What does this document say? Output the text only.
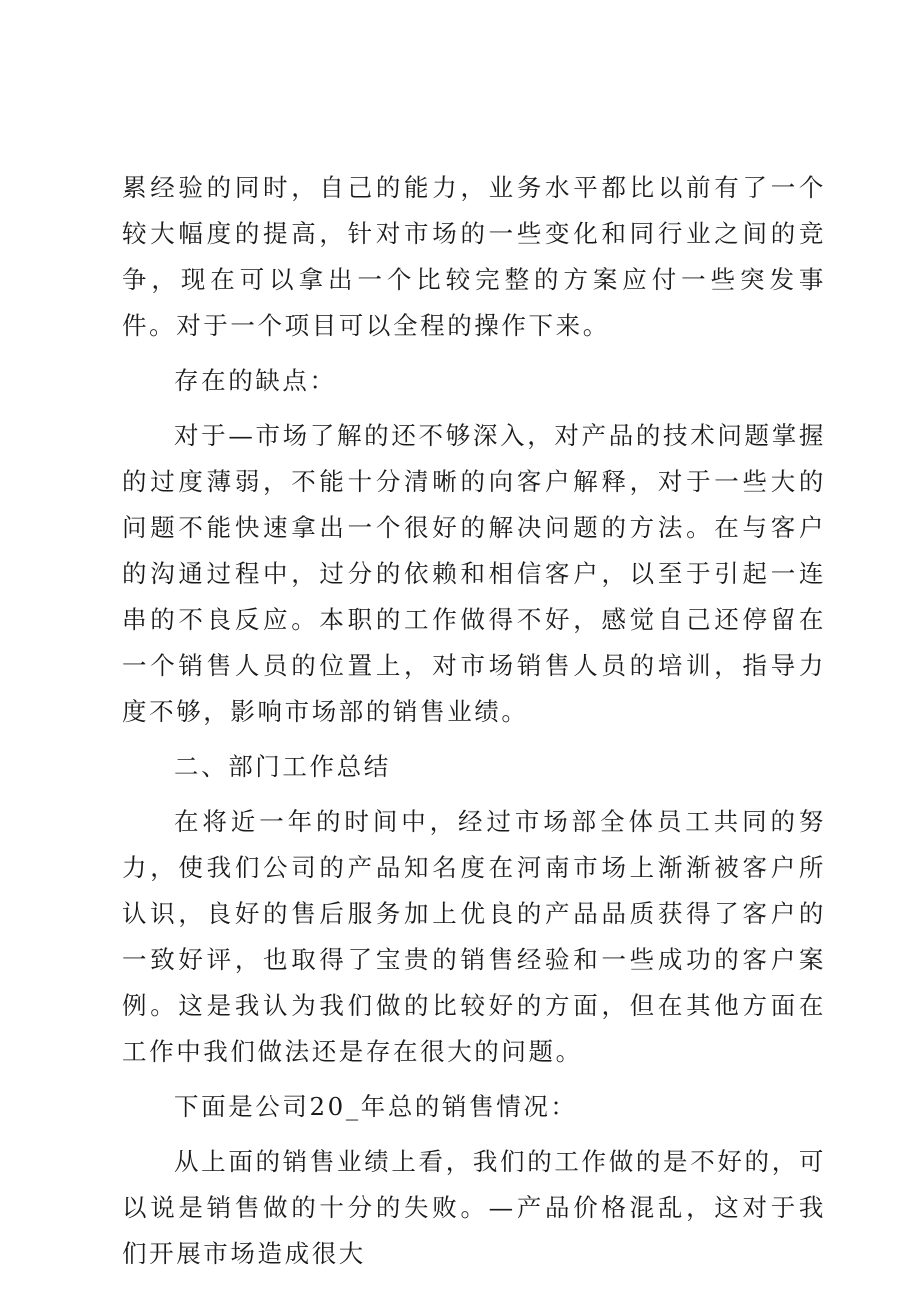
累经验的同时，自己的能力，业务水平都比以前有了一个较大幅度的提高，针对市场的一些变化和同行业之间的竞争，现在可以拿出一个比较完整的方案应付一些突发事件。对于一个项目可以全程的操作下来。

存在的缺点：

对于—市场了解的还不够深入，对产品的技术问题掌握的过度薄弱，不能十分清晰的向客户解释，对于一些大的问题不能快速拿出一个很好的解决问题的方法。在与客户的沟通过程中，过分的依赖和相信客户，以至于引起一连串的不良反应。本职的工作做得不好，感觉自己还停留在一个销售人员的位置上，对市场销售人员的培训，指导力度不够，影响市场部的销售业绩。

二、部门工作总结

在将近一年的时间中，经过市场部全体员工共同的努力，使我们公司的产品知名度在河南市场上渐渐被客户所认识，良好的售后服务加上优良的产品品质获得了客户的一致好评，也取得了宝贵的销售经验和一些成功的客户案例。这是我认为我们做的比较好的方面，但在其他方面在工作中我们做法还是存在很大的问题。

下面是公司20_年总的销售情况：

从上面的销售业绩上看，我们的工作做的是不好的，可以说是销售做的十分的失败。—产品价格混乱，这对于我们开展市场造成很大
